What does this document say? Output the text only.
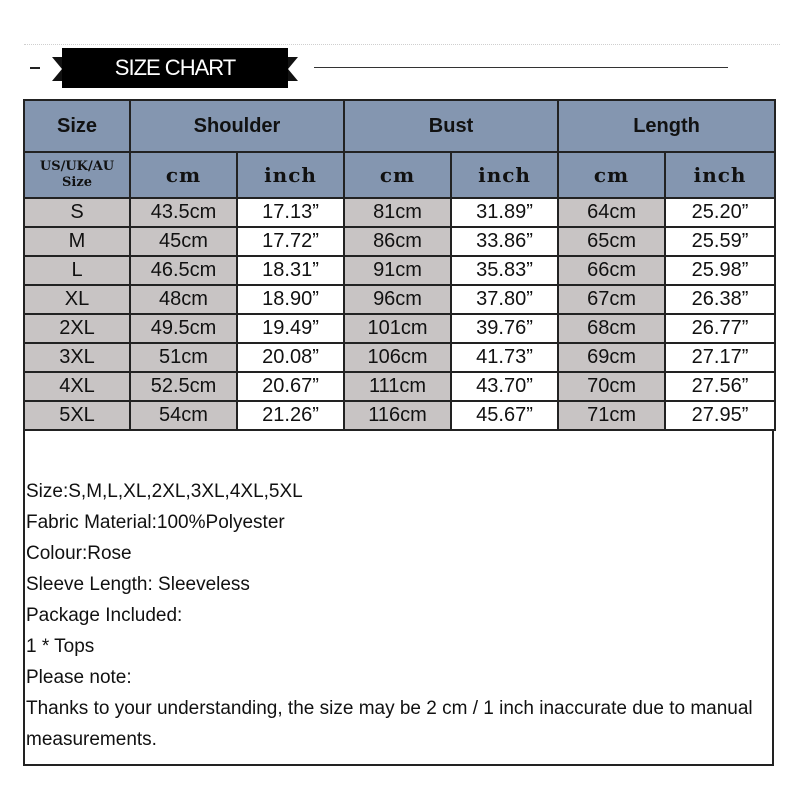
SIZE CHART
Size	Shoulder		Bust		Length	
US/UK/AU
Size	cm	inch	cm	inch	cm	inch
S	43.5cm	17.13”	81cm	31.89”	64cm	25.20”
M	45cm	17.72”	86cm	33.86”	65cm	25.59”
L	46.5cm	18.31”	91cm	35.83”	66cm	25.98”
XL	48cm	18.90”	96cm	37.80”	67cm	26.38”
2XL	49.5cm	19.49”	101cm	39.76”	68cm	26.77”
3XL	51cm	20.08”	106cm	41.73”	69cm	27.17”
4XL	52.5cm	20.67”	111cm	43.70”	70cm	27.56”
5XL	54cm	21.26”	116cm	45.67”	71cm	27.95”
Size:S,M,L,XL,2XL,3XL,4XL,5XL
Fabric Material:100%Polyester
Colour:Rose
Sleeve Length: Sleeveless
Package Included:
1 * Tops
Please note:
Thanks to your understanding, the size may be 2 cm / 1 inch inaccurate due to manual measurements.
